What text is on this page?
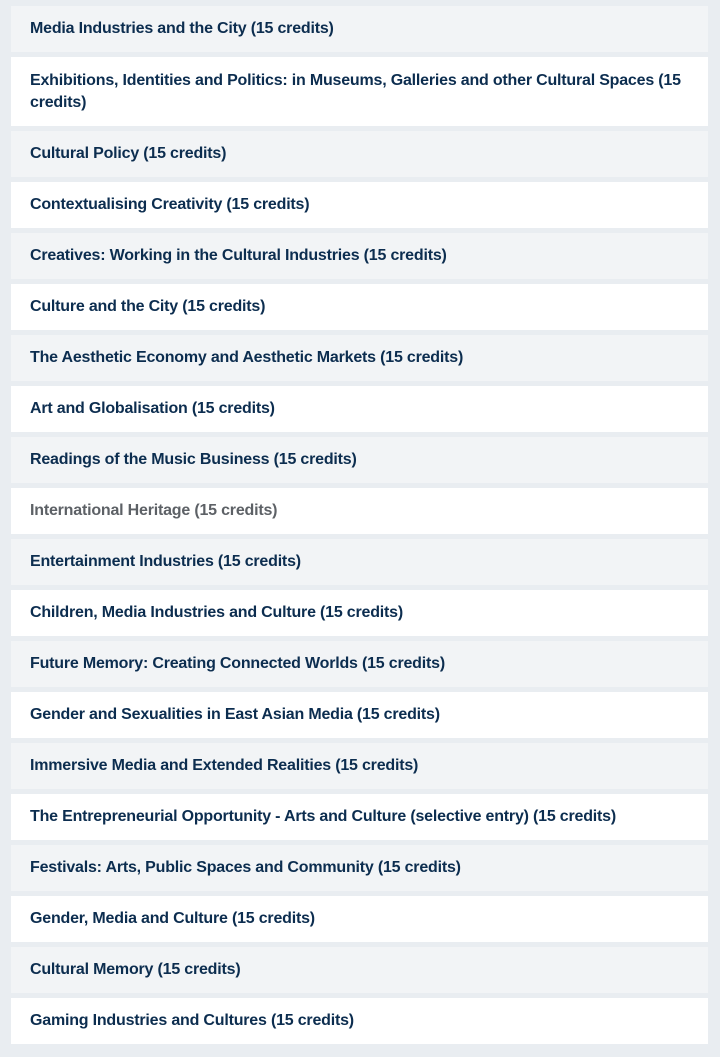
Media Industries and the City (15 credits)
Exhibitions, Identities and Politics: in Museums, Galleries and other Cultural Spaces (15 credits)
Cultural Policy (15 credits)
Contextualising Creativity (15 credits)
Creatives: Working in the Cultural Industries (15 credits)
Culture and the City (15 credits)
The Aesthetic Economy and Aesthetic Markets (15 credits)
Art and Globalisation (15 credits)
Readings of the Music Business (15 credits)
International Heritage (15 credits)
Entertainment Industries (15 credits)
Children, Media Industries and Culture (15 credits)
Future Memory: Creating Connected Worlds (15 credits)
Gender and Sexualities in East Asian Media (15 credits)
Immersive Media and Extended Realities (15 credits)
The Entrepreneurial Opportunity - Arts and Culture (selective entry) (15 credits)
Festivals: Arts, Public Spaces and Community (15 credits)
Gender, Media and Culture (15 credits)
Cultural Memory (15 credits)
Gaming Industries and Cultures (15 credits)
